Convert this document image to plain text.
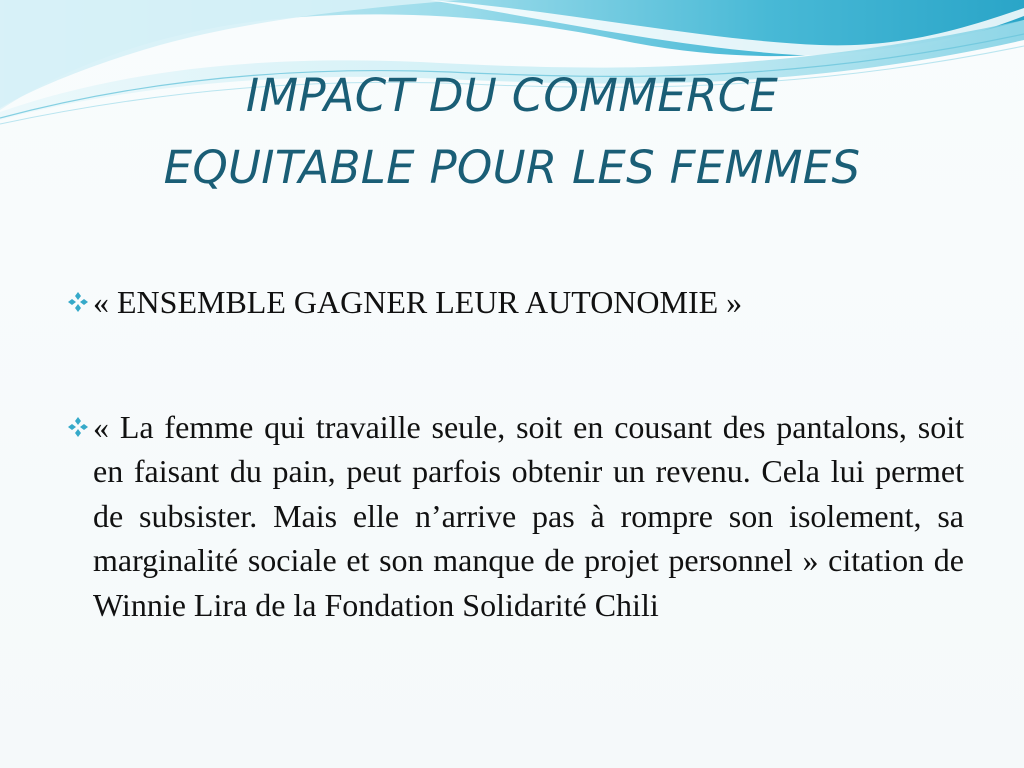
IMPACT DU COMMERCE
EQUITABLE POUR LES FEMMES
« ENSEMBLE GAGNER LEUR AUTONOMIE »
« La femme qui travaille seule, soit en cousant des pantalons, soit en faisant du pain, peut parfois obtenir un revenu. Cela lui permet de subsister. Mais elle n’arrive pas à rompre son isolement, sa marginalité sociale et son manque de projet personnel » citation de Winnie Lira de la Fondation Solidarité Chili
